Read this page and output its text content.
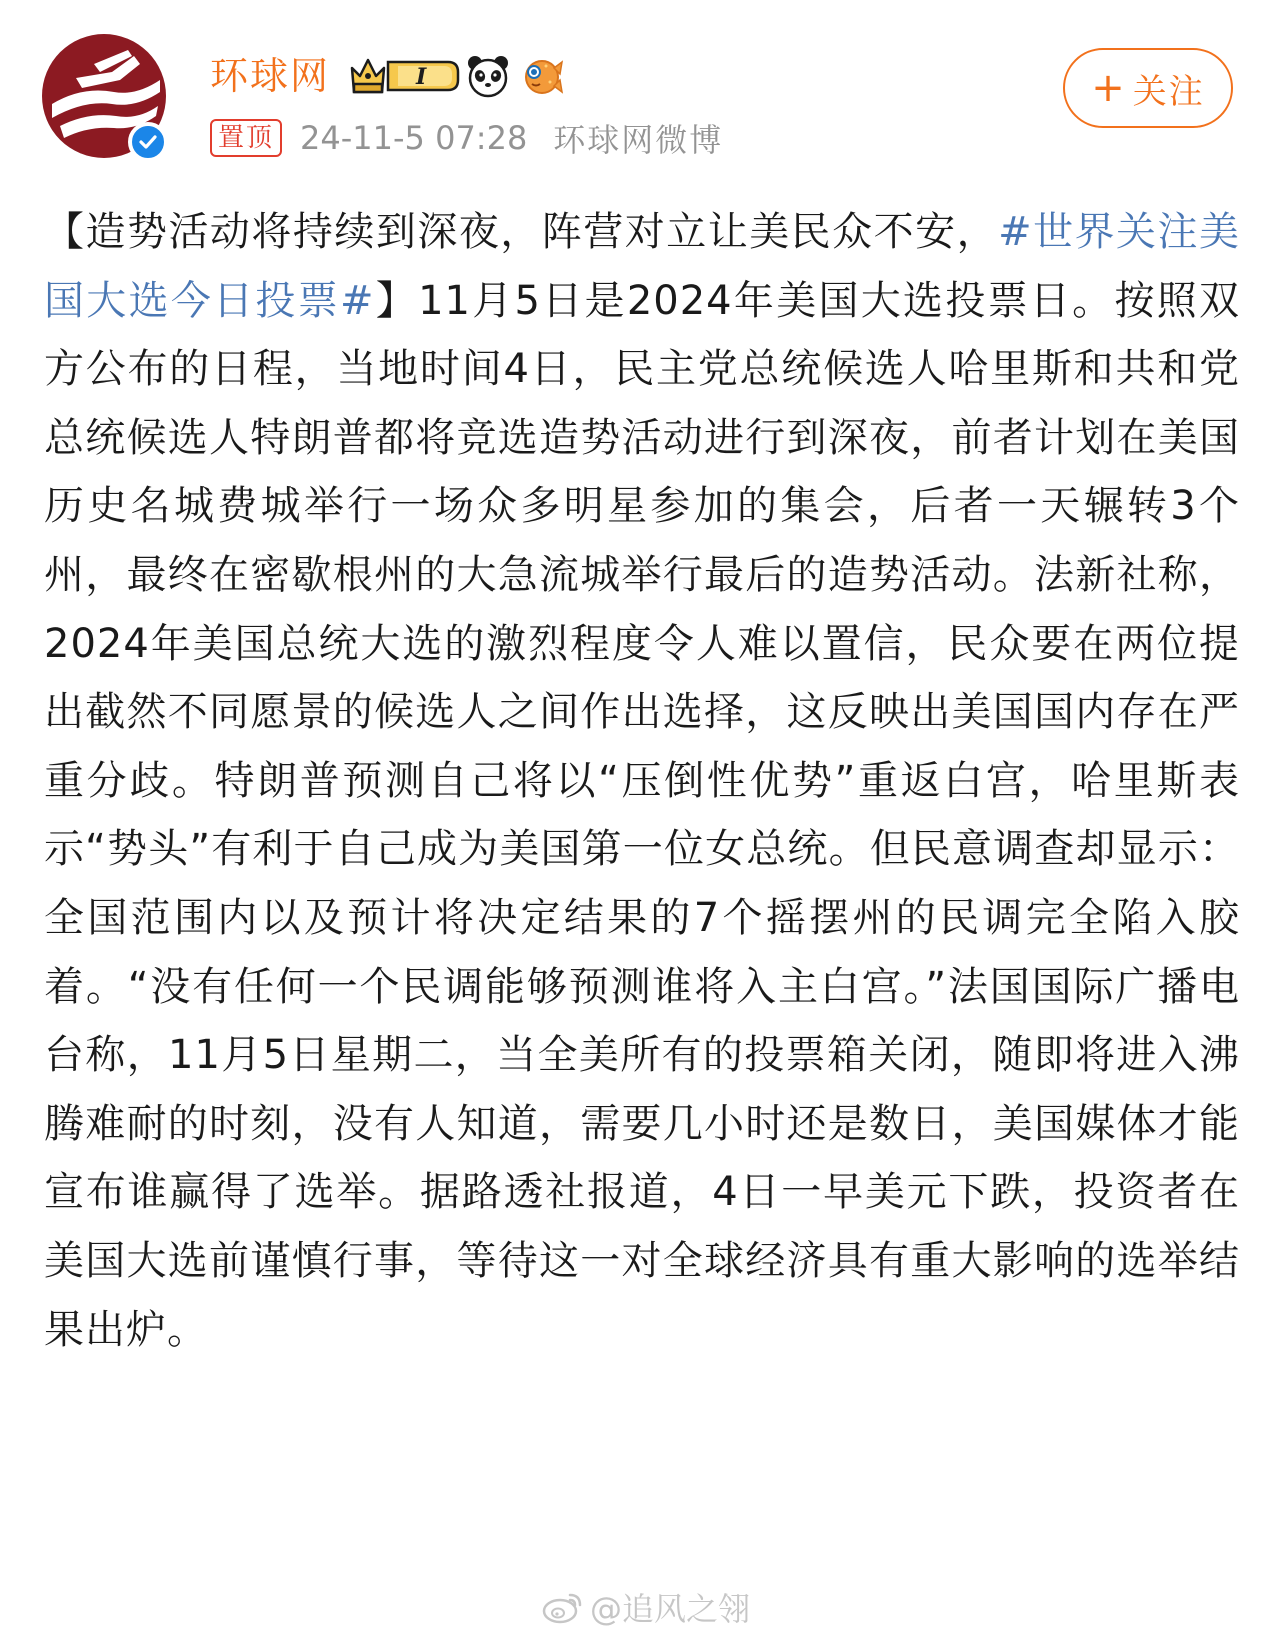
环球网	I
置顶 24-11-5 07:28 环球网微博
+ 关注
【造势活动将持续到深夜，阵营对立让美民众不安，#世界关注美国大选今日投票#】11月5日是2024年美国大选投票日。按照双方公布的日程，当地时间4日，民主党总统候选人哈里斯和共和党总统候选人特朗普都将竞选造势活动进行到深夜，前者计划在美国历史名城费城举行一场众多明星参加的集会，后者一天辗转3个州，最终在密歇根州的大急流城举行最后的造势活动。法新社称，2024年美国总统大选的激烈程度令人难以置信，民众要在两位提出截然不同愿景的候选人之间作出选择，这反映出美国国内存在严重分歧。特朗普预测自己将以“压倒性优势”重返白宫，哈里斯表示“势头”有利于自己成为美国第一位女总统。但民意调查却显示：全国范围内以及预计将决定结果的7个摇摆州的民调完全陷入胶着。“没有任何一个民调能够预测谁将入主白宫。”法国国际广播电台称，11月5日星期二，当全美所有的投票箱关闭，随即将进入沸腾难耐的时刻，没有人知道，需要几小时还是数日，美国媒体才能宣布谁赢得了选举。据路透社报道，4日一早美元下跌，投资者在美国大选前谨慎行事，等待这一对全球经济具有重大影响的选举结果出炉。
@追风之翎
